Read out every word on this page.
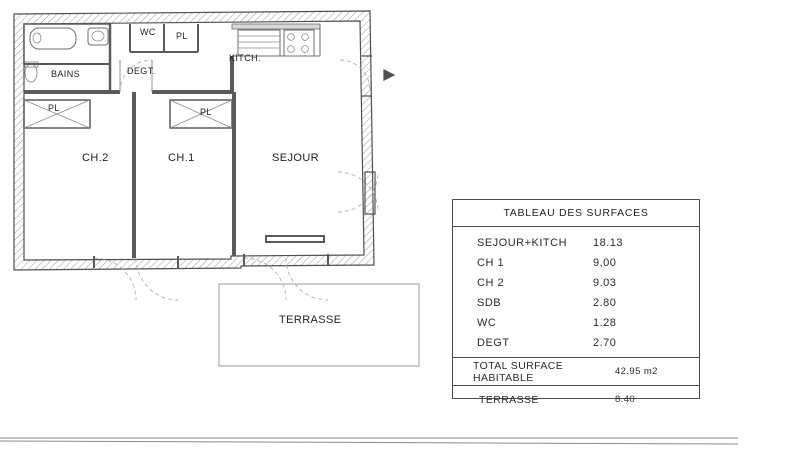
WC PL
KITCH.
DEGT.
BAINS
PL	PL
CH.2	CH.1	SEJOUR
TERRASSE
TABLEAU DES SURFACES
SEJOUR+KITCH	18.13
CH 1	9,00
CH 2	9.03
SDB	2.80
WC	1.28
DEGT	2.70
TOTAL SURFACE HABITABLE	42.95 m2
TERRASSE	8.40
